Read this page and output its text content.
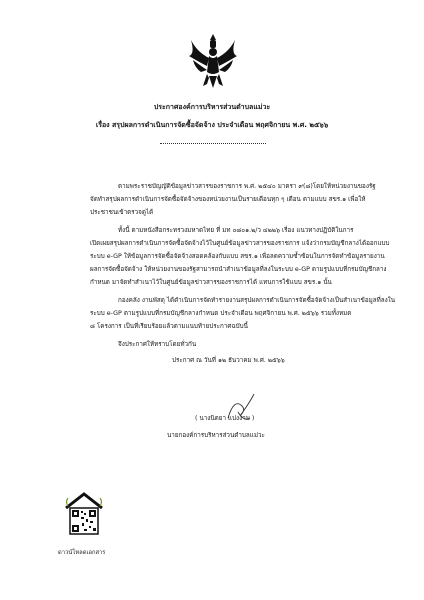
ประกาศองค์การบริหารส่วนตำบลแม่วะ
เรื่อง สรุปผลการดำเนินการจัดซื้อจัดจ้าง ประจำเดือน พฤศจิกายน พ.ศ. ๒๕๖๖
ตามพระราชบัญญัติข้อมูลข่าวสารของราชการ พ.ศ. ๒๕๔๐ มาตรา ๙(๘)โดยให้หน่วยงานของรัฐ
จัดทำสรุปผลการดำเนินการจัดซื้อจัดจ้างของหน่วยงานเป็นรายเดือนทุก ๆ เดือน ตามแบบ สขร.๑ เพื่อให้
ประชาชนเข้าตรวจดูได้
ทั้งนี้ ตามหนังสือกระทรวงมหาดไทย ที่ มท ๐๘๐๑.๒/ว ๔๒๒๖ เรื่อง แนวทางปฏิบัติในการ
เปิดเผยสรุปผลการดำเนินการจัดซื้อจัดจ้างไว้ในศูนย์ข้อมูลข่าวสารของราชการ แจ้งว่ากรมบัญชีกลางได้ออกแบบ
ระบบ e-GP ให้ข้อมูลการจัดซื้อจัดจ้างสอดคล้องกับแบบ สขร.๑ เพื่อลดความซ้ำซ้อนในการจัดทำข้อมูลรายงาน
ผลการจัดซื้อจัดจ้าง ให้หน่วยงานของรัฐสามารถนำสำเนาข้อมูลที่ลงในระบบ e-GP ตามรูปแบบที่กรมบัญชีกลาง
กำหนด มาจัดทำสำเนาไว้ในศูนย์ข้อมูลข่าวสารของราชการได้ แทนการใช้แบบ สขร.๑ นั้น
กองคลัง งานพัสดุ ได้ดำเนินการจัดทำรายงานสรุปผลการดำเนินการจัดซื้อจัดจ้างเป็นสำเนาข้อมูลที่ลงใน
ระบบ e-GP ตามรูปแบบที่กรมบัญชีกลางกำหนด ประจำเดือน พฤศจิกายน พ.ศ. ๒๕๖๖ รวมทั้งหมด
๘ โครงการ เป็นที่เรียบร้อยแล้วตามแนบท้ายประกาศฉบับนี้
จึงประกาศให้ทราบโดยทั่วกัน
ประกาศ ณ วันที่ ๑๒ ธันวาคม พ.ศ. ๒๕๖๖
( นางนิตยา แปงงาม )
นายกองค์การบริหารส่วนตำบลแม่วะ
ดาวน์โหลดเอกสาร
